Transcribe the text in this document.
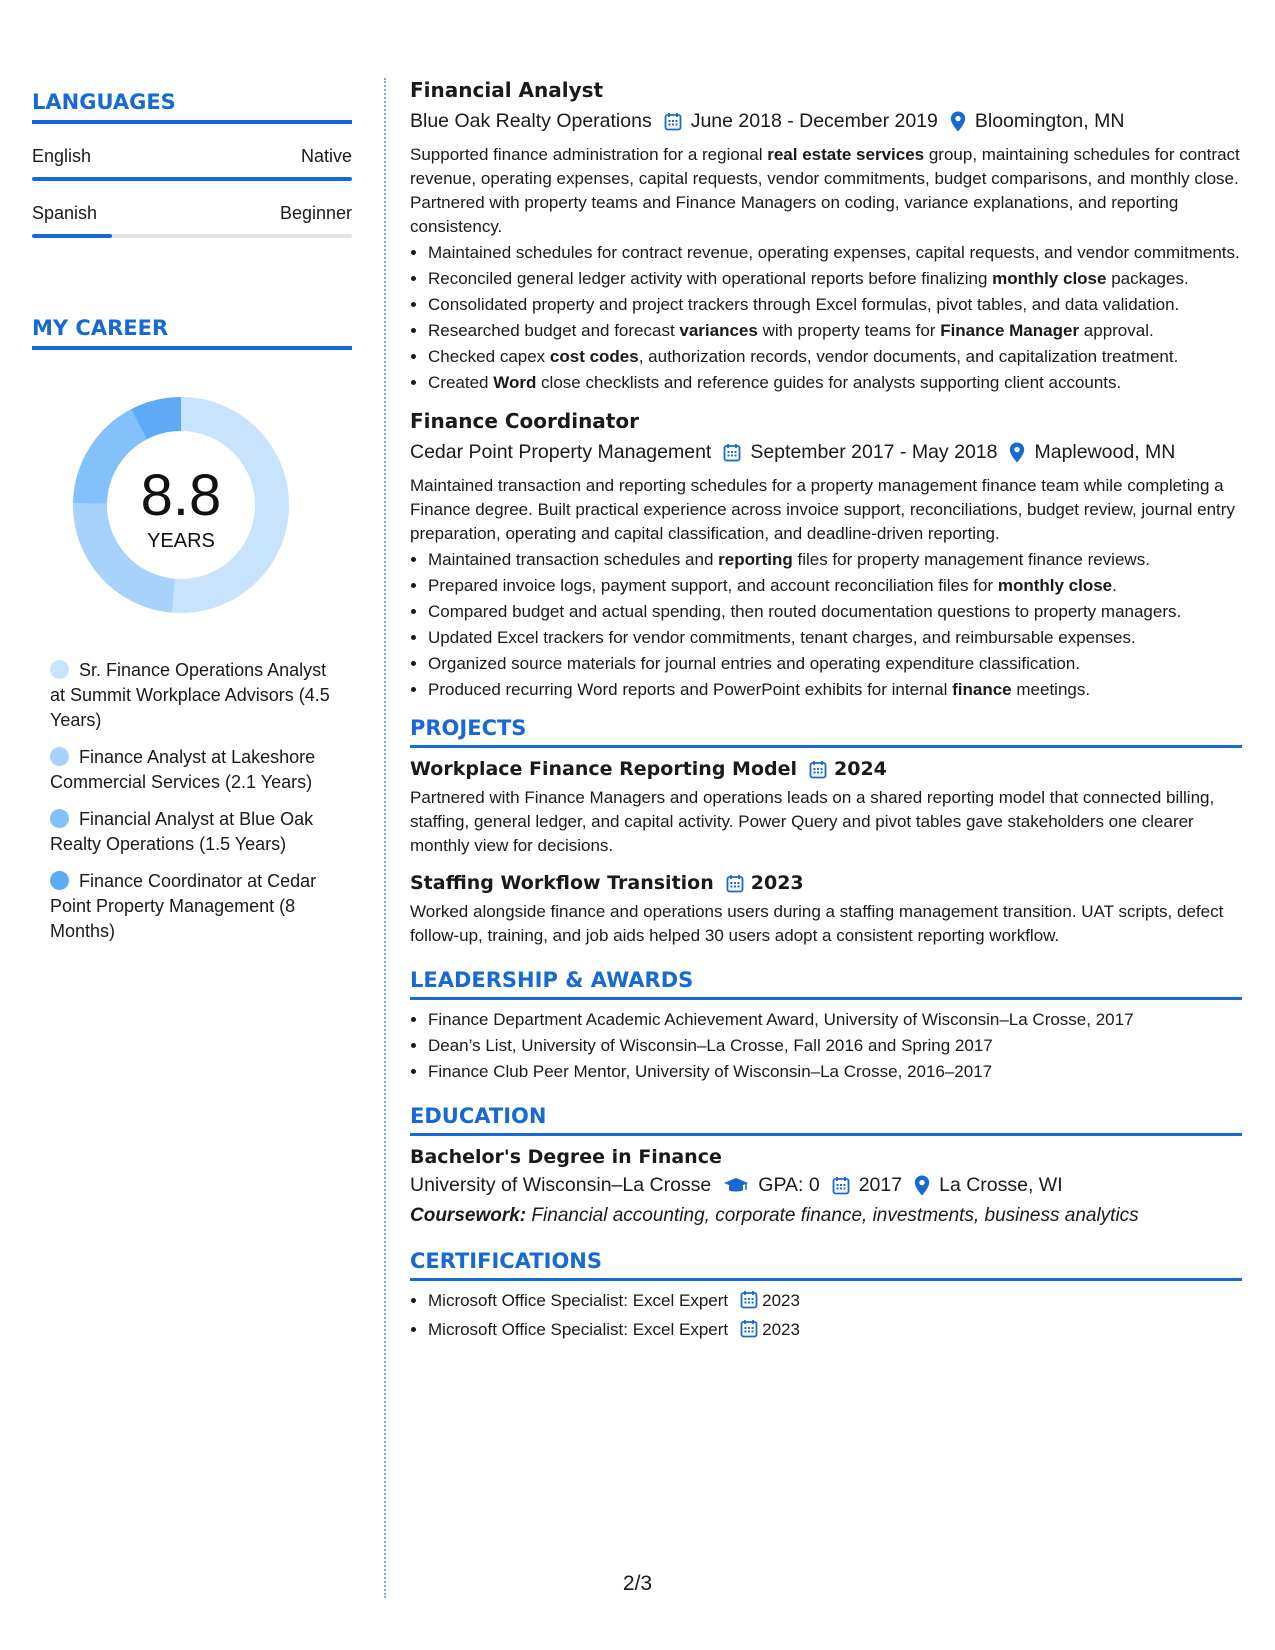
LANGUAGES
English	Native
Spanish	Beginner
MY CAREER
8.8
YEARS
Sr. Finance Operations Analyst at Summit Workplace Advisors (4.5 Years)
Finance Analyst at Lakeshore Commercial Services (2.1 Years)
Financial Analyst at Blue Oak Realty Operations (1.5 Years)
Finance Coordinator at Cedar Point Property Management (8 Months)
Financial Analyst
Blue Oak Realty Operations June 2018 - December 2019 Bloomington, MN
Supported finance administration for a regional real estate services group, maintaining schedules for contract revenue, operating expenses, capital requests, vendor commitments, budget comparisons, and monthly close. Partnered with property teams and Finance Managers on coding, variance explanations, and reporting consistency.
• Maintained schedules for contract revenue, operating expenses, capital requests, and vendor commitments.
• Reconciled general ledger activity with operational reports before finalizing monthly close packages.
• Consolidated property and project trackers through Excel formulas, pivot tables, and data validation.
• Researched budget and forecast variances with property teams for Finance Manager approval.
• Checked capex cost codes, authorization records, vendor documents, and capitalization treatment.
• Created Word close checklists and reference guides for analysts supporting client accounts.
Finance Coordinator
Cedar Point Property Management September 2017 - May 2018 Maplewood, MN
Maintained transaction and reporting schedules for a property management finance team while completing a Finance degree. Built practical experience across invoice support, reconciliations, budget review, journal entry preparation, operating and capital classification, and deadline-driven reporting.
• Maintained transaction schedules and reporting files for property management finance reviews.
• Prepared invoice logs, payment support, and account reconciliation files for monthly close.
• Compared budget and actual spending, then routed documentation questions to property managers.
• Updated Excel trackers for vendor commitments, tenant charges, and reimbursable expenses.
• Organized source materials for journal entries and operating expenditure classification.
• Produced recurring Word reports and PowerPoint exhibits for internal finance meetings.
PROJECTS
Workplace Finance Reporting Model 2024
Partnered with Finance Managers and operations leads on a shared reporting model that connected billing, staffing, general ledger, and capital activity. Power Query and pivot tables gave stakeholders one clearer monthly view for decisions.
Staffing Workflow Transition 2023
Worked alongside finance and operations users during a staffing management transition. UAT scripts, defect follow-up, training, and job aids helped 30 users adopt a consistent reporting workflow.
LEADERSHIP & AWARDS
• Finance Department Academic Achievement Award, University of Wisconsin–La Crosse, 2017
• Dean’s List, University of Wisconsin–La Crosse, Fall 2016 and Spring 2017
• Finance Club Peer Mentor, University of Wisconsin–La Crosse, 2016–2017
EDUCATION
Bachelor's Degree in Finance
University of Wisconsin–La Crosse GPA: 0 2017 La Crosse, WI
Coursework: Financial accounting, corporate finance, investments, business analytics
CERTIFICATIONS
• Microsoft Office Specialist: Excel Expert 2023
• Microsoft Office Specialist: Excel Expert 2023
2/3
